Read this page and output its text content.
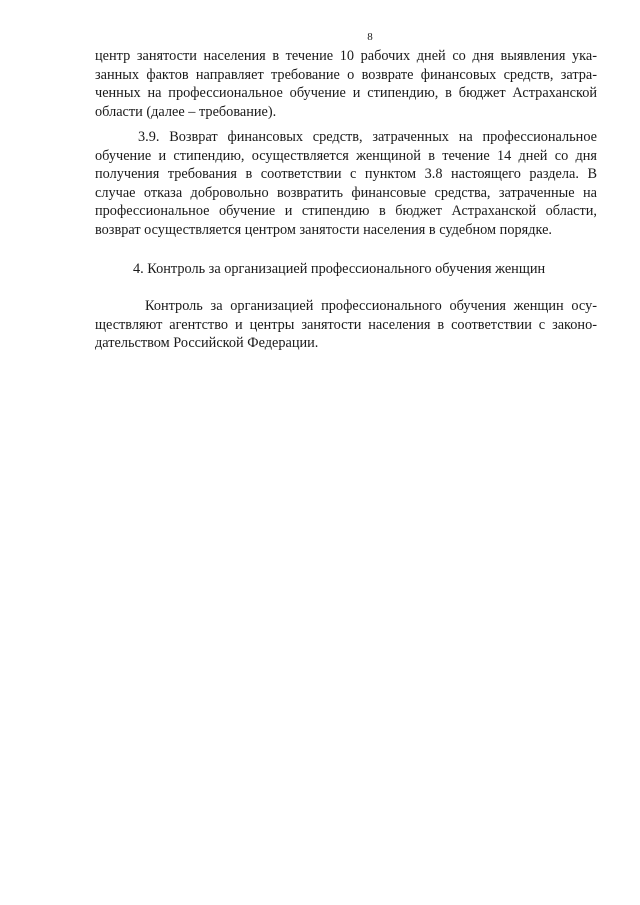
8
центр занятости населения в течение 10 рабочих дней со дня выявления ука-
занных фактов направляет требование о возврате финансовых средств, затра-
ченных на профессиональное обучение и стипендию, в бюджет Астраханской
области (далее – требование).
3.9. Возврат финансовых средств, затраченных на профессиональное
обучение и стипендию, осуществляется женщиной в течение 14 дней со дня
получения требования в соответствии с пунктом 3.8 настоящего раздела. В
случае отказа добровольно возвратить финансовые средства, затраченные на
профессиональное обучение и стипендию в бюджет Астраханской области,
возврат осуществляется центром занятости населения в судебном порядке.
4. Контроль за организацией профессионального обучения женщин
Контроль за организацией профессионального обучения женщин осу-
ществляют агентство и центры занятости населения в соответствии с законо-
дательством Российской Федерации.
